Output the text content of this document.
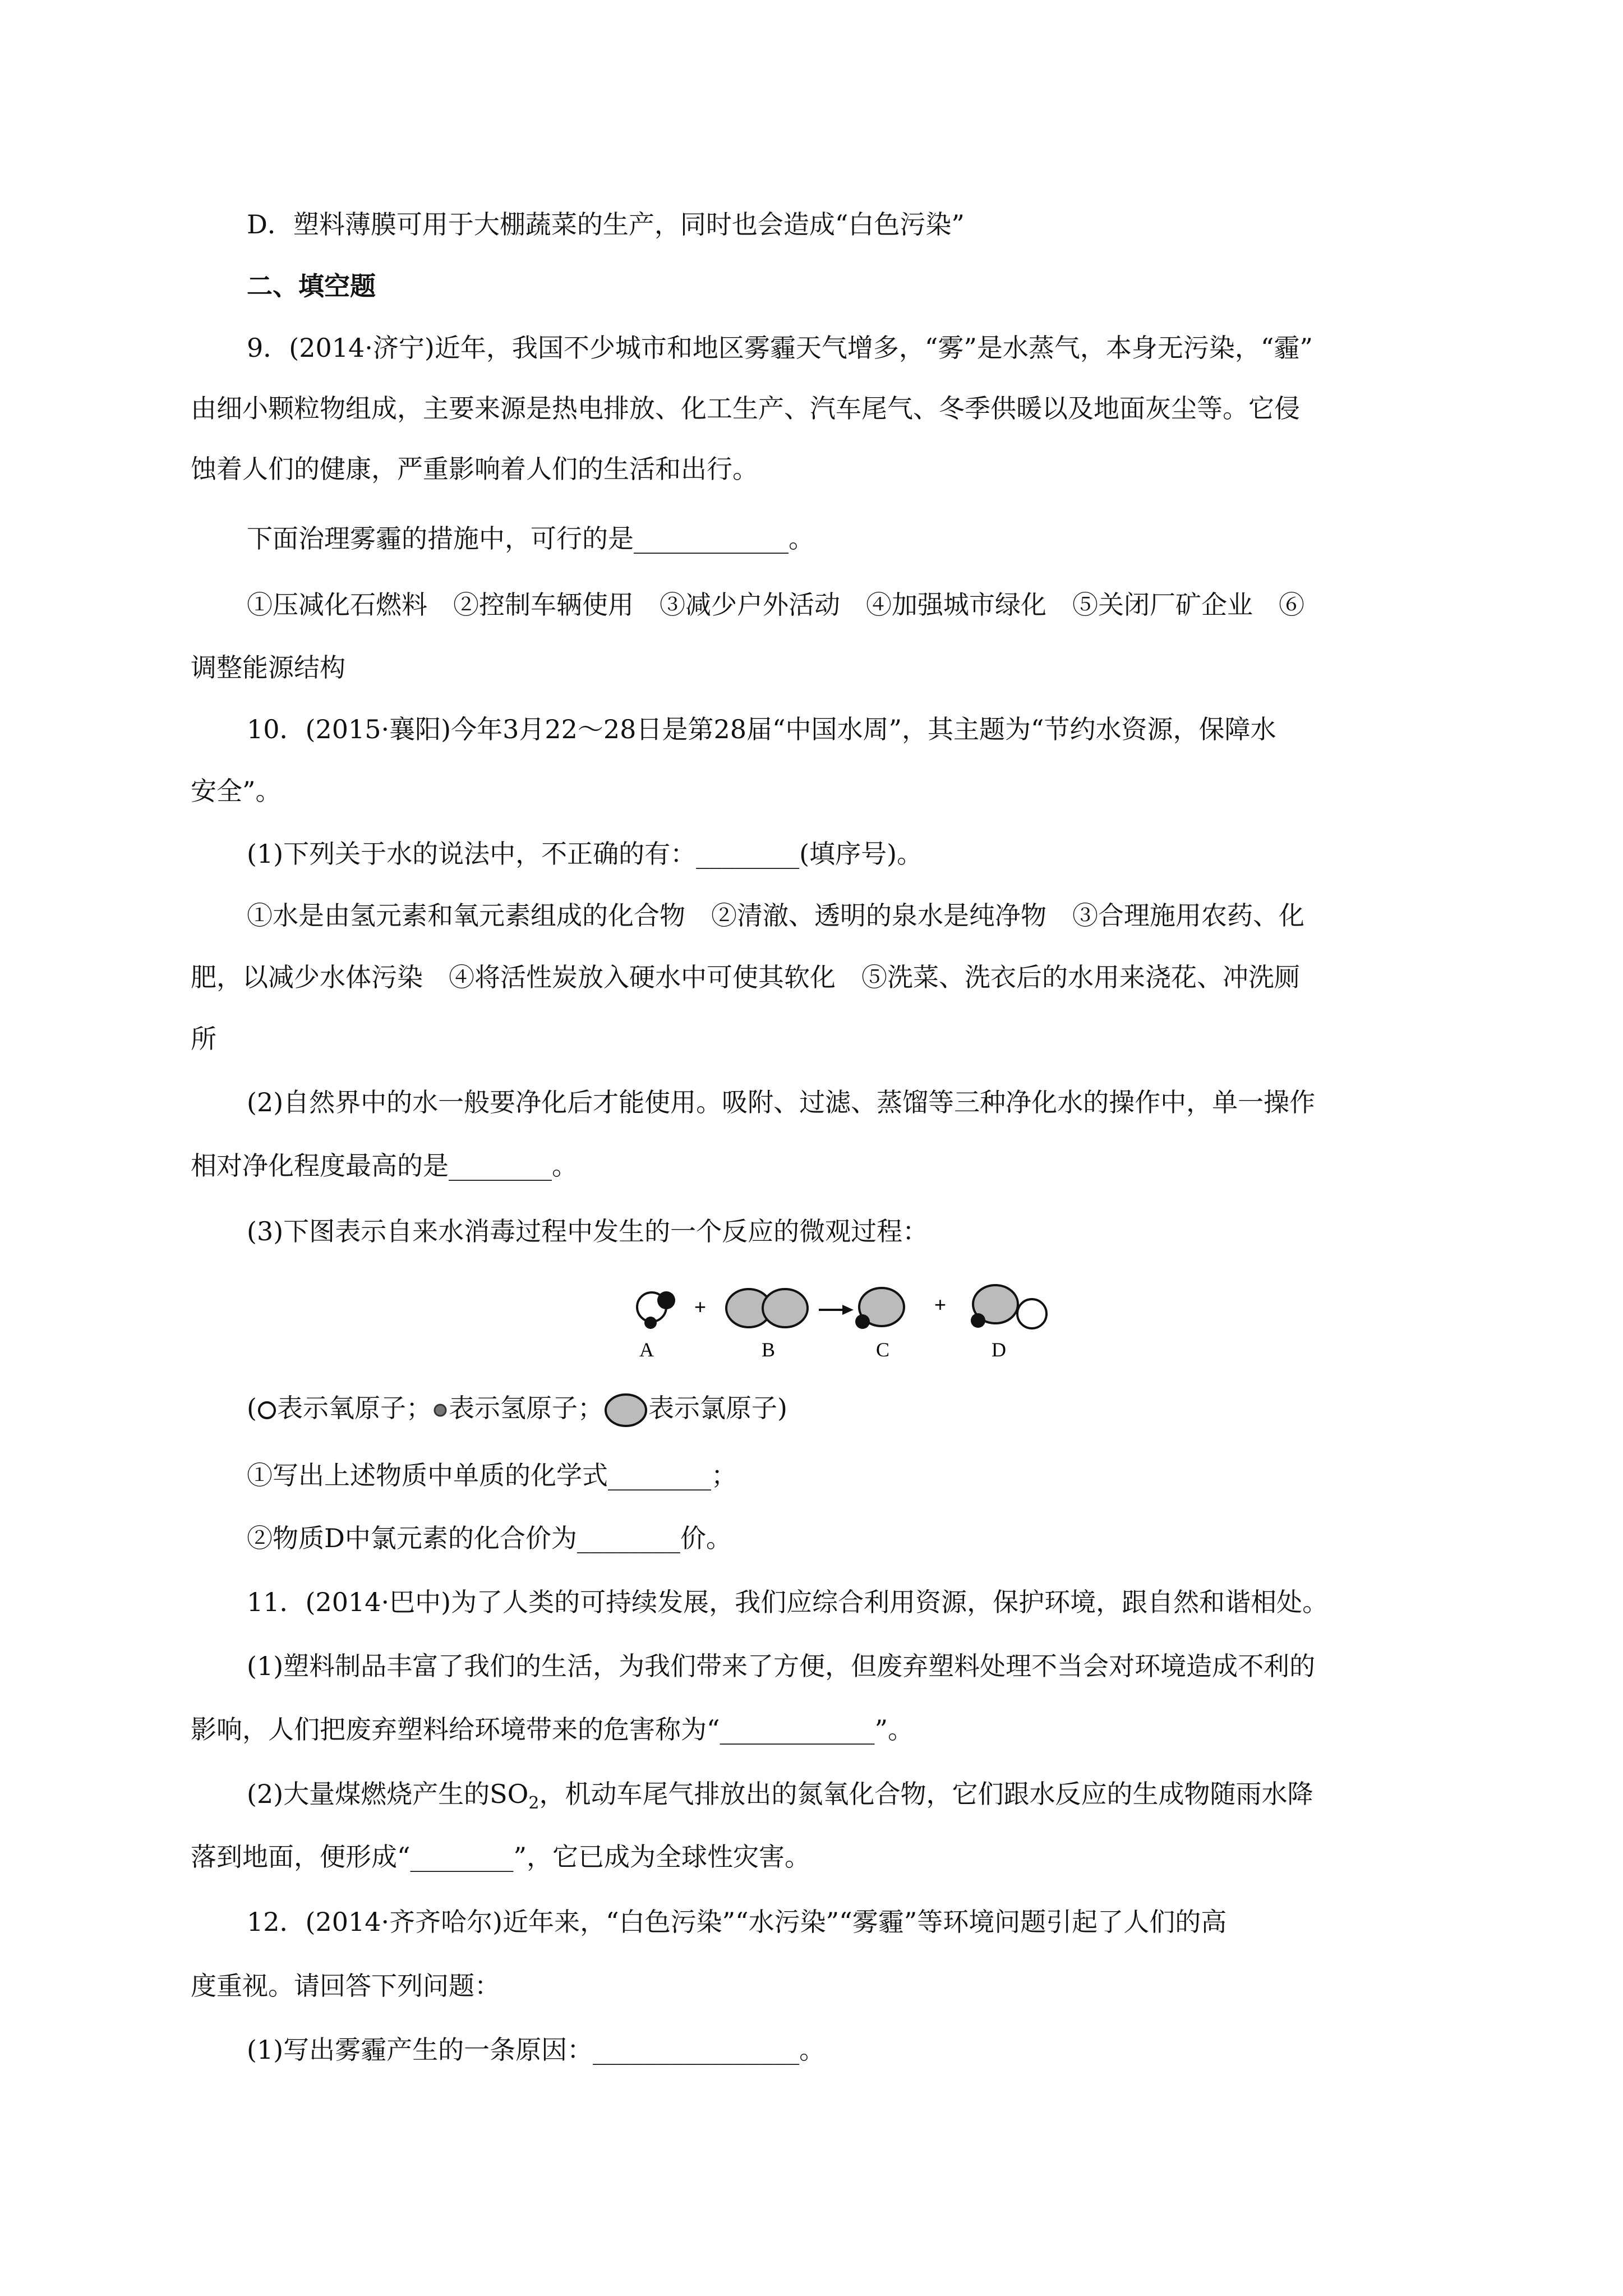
D．塑料薄膜可用于大棚蔬菜的生产，同时也会造成“白色污染”
二、填空题
9．(2014·济宁)近年，我国不少城市和地区雾霾天气增多，“雾”是水蒸气，本身无污染，“霾”
由细小颗粒物组成，主要来源是热电排放、化工生产、汽车尾气、冬季供暖以及地面灰尘等。它侵
蚀着人们的健康，严重影响着人们的生活和出行。
下面治理雾霾的措施中，可行的是____________。
①压减化石燃料　②控制车辆使用　③减少户外活动　④加强城市绿化　⑤关闭厂矿企业　⑥
调整能源结构
10．(2015·襄阳)今年3月22～28日是第28届“中国水周”，其主题为“节约水资源，保障水
安全”。
(1)下列关于水的说法中，不正确的有：________(填序号)。
①水是由氢元素和氧元素组成的化合物　②清澈、透明的泉水是纯净物　③合理施用农药、化
肥，以减少水体污染　④将活性炭放入硬水中可使其软化　⑤洗菜、洗衣后的水用来浇花、冲洗厕
所
(2)自然界中的水一般要净化后才能使用。吸附、过滤、蒸馏等三种净化水的操作中，单一操作
相对净化程度最高的是________。
(3)下图表示自来水消毒过程中发生的一个反应的微观过程：
+	+
A	B	C	D
( 表示氧原子； 表示氢原子； 表示氯原子)
①写出上述物质中单质的化学式________；
②物质D中氯元素的化合价为________价。
11．(2014·巴中)为了人类的可持续发展，我们应综合利用资源，保护环境，跟自然和谐相处。
(1)塑料制品丰富了我们的生活，为我们带来了方便，但废弃塑料处理不当会对环境造成不利的
影响，人们把废弃塑料给环境带来的危害称为“____________”。
(2)大量煤燃烧产生的$SO_2$，机动车尾气排放出的氮氧化合物，它们跟水反应的生成物随雨水降
落到地面，便形成“________”，它已成为全球性灾害。
12．(2014·齐齐哈尔)近年来，“白色污染”“水污染”“雾霾”等环境问题引起了人们的高
度重视。请回答下列问题：
(1)写出雾霾产生的一条原因：________________。
